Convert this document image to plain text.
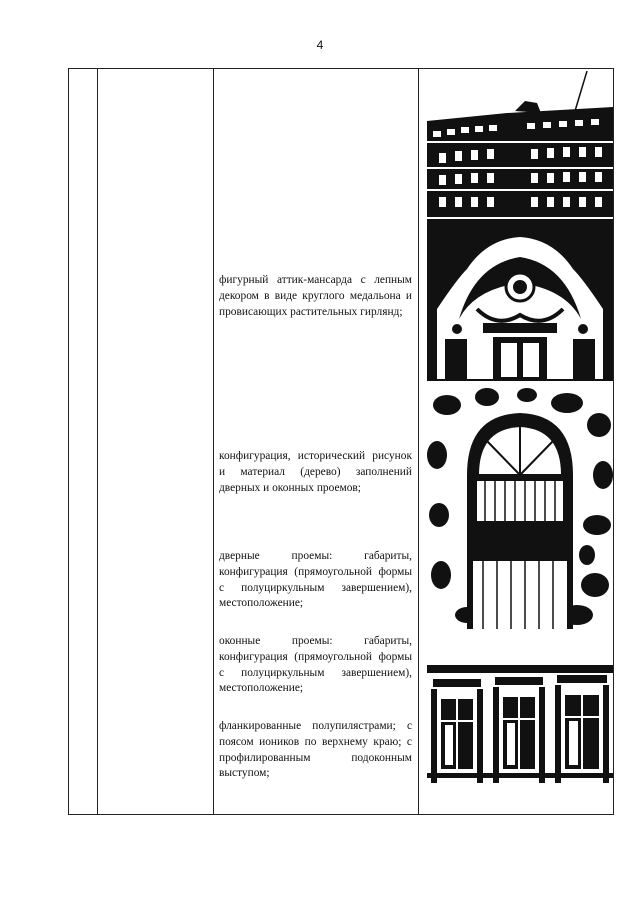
4
фигурный аттик-мансарда с лепным декором в виде круглого медальона и провисающих растительных гирлянд;
конфигурация, исторический рисунок и материал (дерево) заполнений дверных и оконных проемов;
дверные проемы: габариты, конфигурация (прямоугольной формы с полуциркульным завершением), местоположение;
оконные проемы: габариты, конфигурация (прямоугольной формы с полуциркульным завершением), местоположение;
фланкированные полупилястрами; с поясом иоников по верхнему краю; с профилированным подоконным выступом;
